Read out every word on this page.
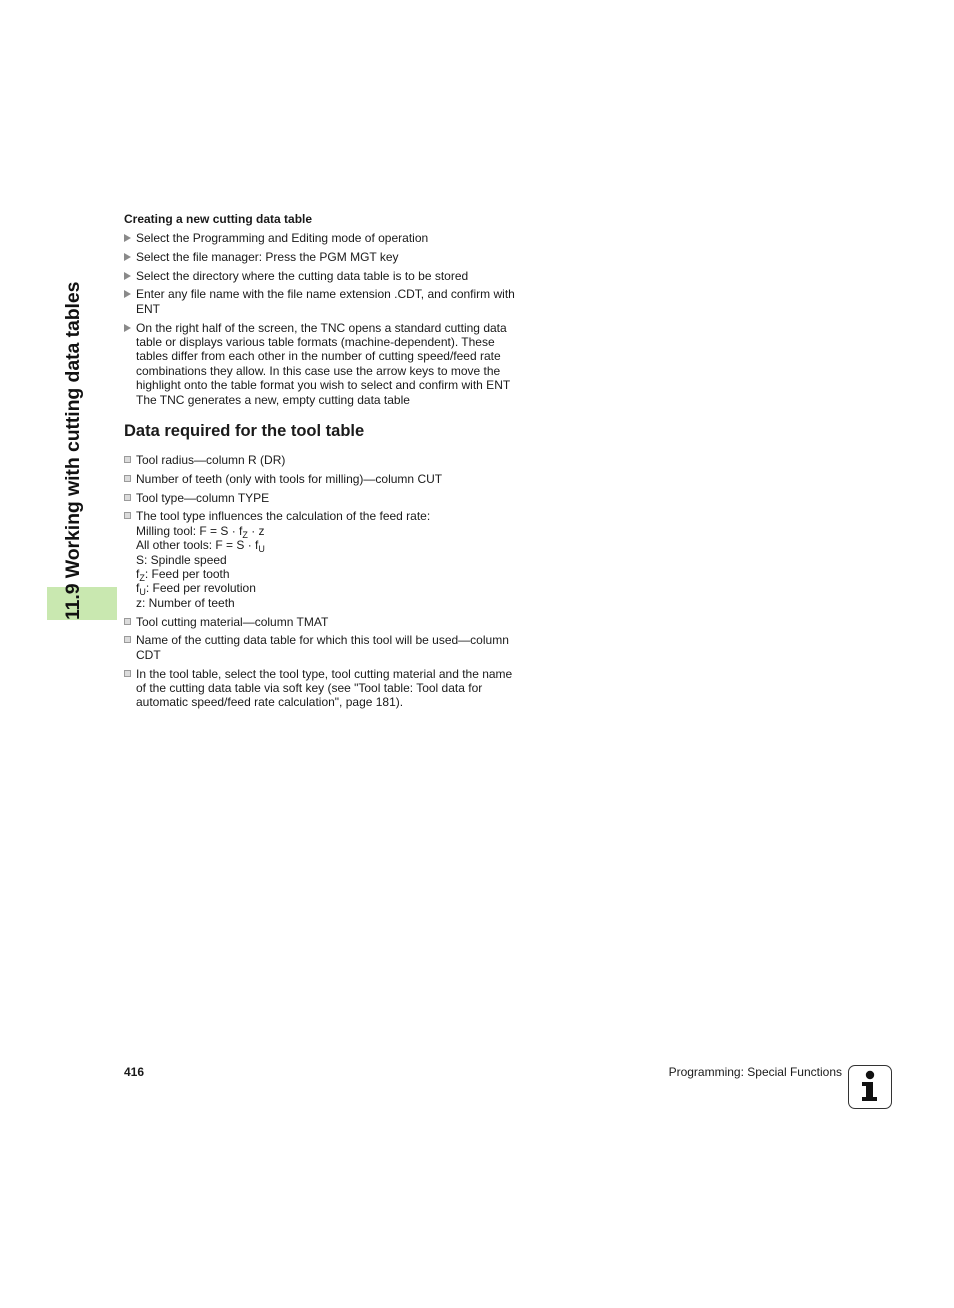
11.9 Working with cutting data tables
Creating a new cutting data table
Select the Programming and Editing mode of operation
Select the file manager: Press the PGM MGT key
Select the directory where the cutting data table is to be stored
Enter any file name with the file name extension .CDT, and confirm with ENT
On the right half of the screen, the TNC opens a standard cutting data table or displays various table formats (machine-dependent). These tables differ from each other in the number of cutting speed/feed rate combinations they allow. In this case use the arrow keys to move the highlight onto the table format you wish to select and confirm with ENT The TNC generates a new, empty cutting data table
Data required for the tool table
Tool radius—column R (DR)
Number of teeth (only with tools for milling)—column CUT
Tool type—column TYPE
The tool type influences the calculation of the feed rate:
Milling tool: $F = S \cdot f_Z \cdot z$
All other tools: $F = S \cdot f_U$
S: Spindle speed
$f_Z$: Feed per tooth
$f_U$: Feed per revolution
z: Number of teeth
Tool cutting material—column TMAT
Name of the cutting data table for which this tool will be used—column CDT
In the tool table, select the tool type, tool cutting material and the name of the cutting data table via soft key (see "Tool table: Tool data for automatic speed/feed rate calculation", page 181).
416	Programming: Special Functions
